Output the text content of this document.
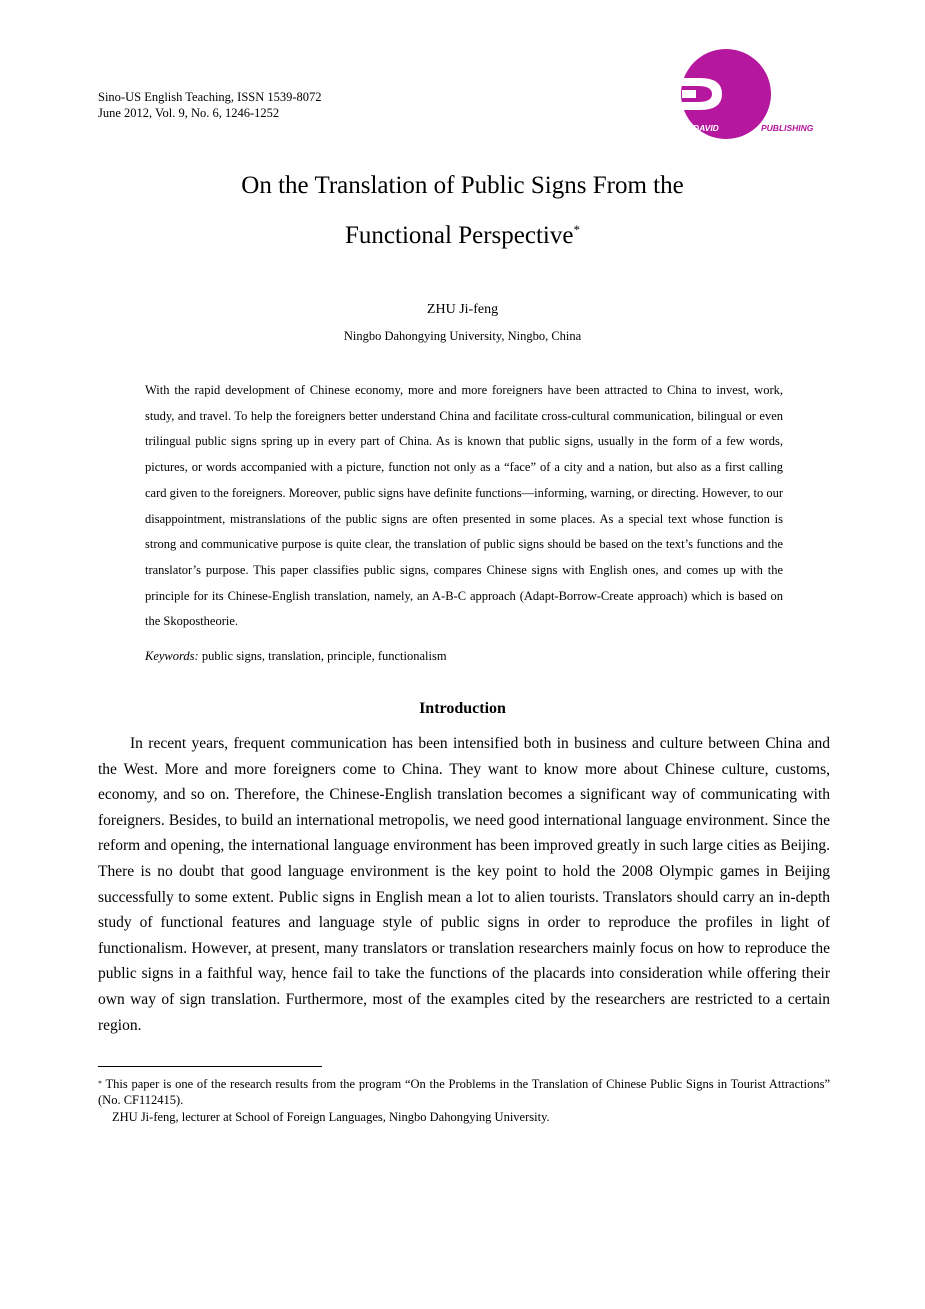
Sino-US English Teaching, ISSN 1539-8072
June 2012, Vol. 9, No. 6, 1246-1252
DAVID	PUBLISHING
On the Translation of Public Signs From the
Functional Perspective*
ZHU Ji-feng
Ningbo Dahongying University, Ningbo, China
With the rapid development of Chinese economy, more and more foreigners have been attracted to China to invest, work, study, and travel. To help the foreigners better understand China and facilitate cross-cultural communication, bilingual or even trilingual public signs spring up in every part of China. As is known that public signs, usually in the form of a few words, pictures, or words accompanied with a picture, function not only as a “face” of a city and a nation, but also as a first calling card given to the foreigners. Moreover, public signs have definite functions—informing, warning, or directing. However, to our disappointment, mistranslations of the public signs are often presented in some places. As a special text whose function is strong and communicative purpose is quite clear, the translation of public signs should be based on the text’s functions and the translator’s purpose. This paper classifies public signs, compares Chinese signs with English ones, and comes up with the principle for its Chinese-English translation, namely, an A-B-C approach (Adapt-Borrow-Create approach) which is based on the Skopostheorie.
Keywords: public signs, translation, principle, functionalism
Introduction
In recent years, frequent communication has been intensified both in business and culture between China and the West. More and more foreigners come to China. They want to know more about Chinese culture, customs, economy, and so on. Therefore, the Chinese-English translation becomes a significant way of communicating with foreigners. Besides, to build an international metropolis, we need good international language environment. Since the reform and opening, the international language environment has been improved greatly in such large cities as Beijing. There is no doubt that good language environment is the key point to hold the 2008 Olympic games in Beijing successfully to some extent. Public signs in English mean a lot to alien tourists. Translators should carry an in-depth study of functional features and language style of public signs in order to reproduce the profiles in light of functionalism. However, at present, many translators or translation researchers mainly focus on how to reproduce the public signs in a faithful way, hence fail to take the functions of the placards into consideration while offering their own way of sign translation. Furthermore, most of the examples cited by the researchers are restricted to a certain region.
* This paper is one of the research results from the program “On the Problems in the Translation of Chinese Public Signs in Tourist Attractions” (No. CF112415).
ZHU Ji-feng, lecturer at School of Foreign Languages, Ningbo Dahongying University.
